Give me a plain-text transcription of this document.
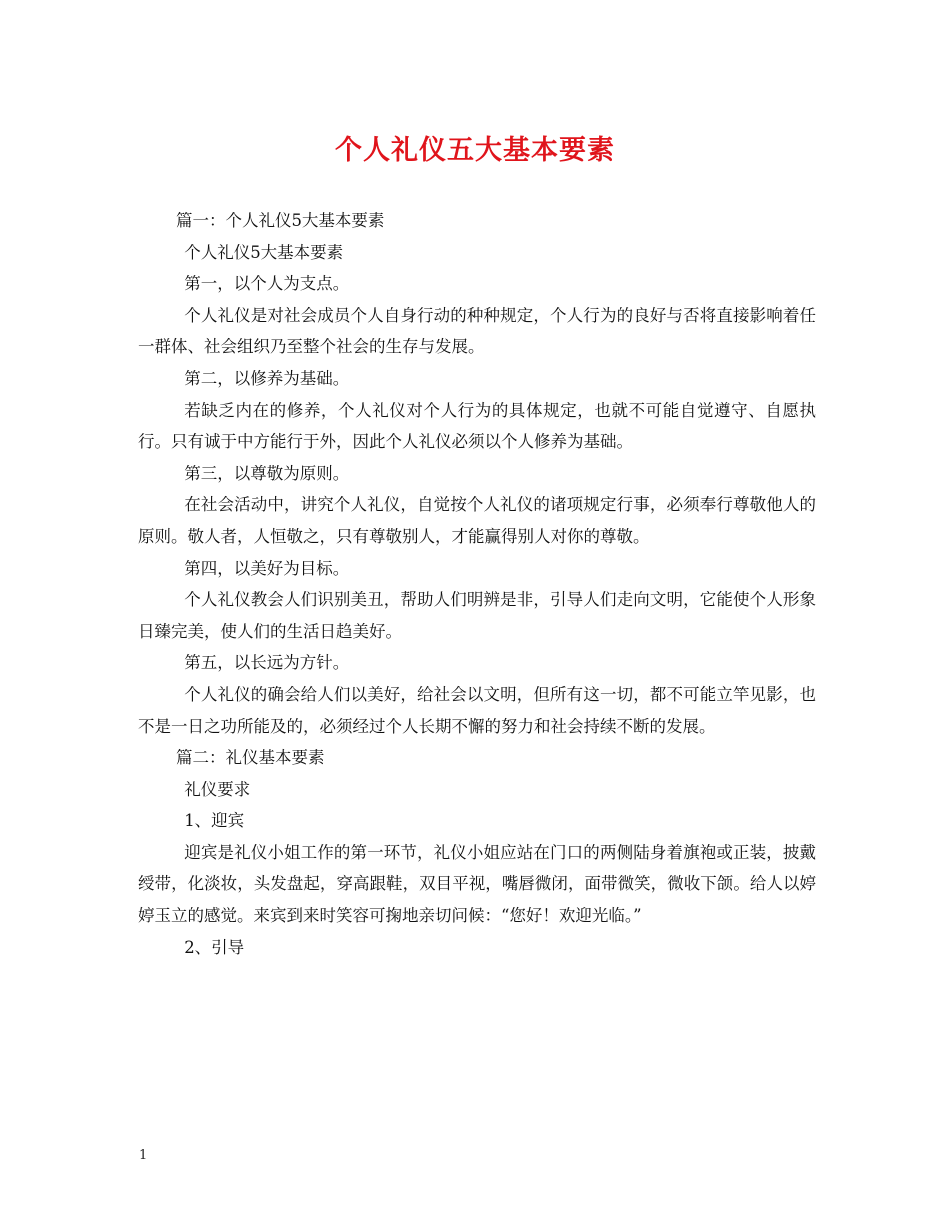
个人礼仪五大基本要素

篇一：个人礼仪5大基本要素

个人礼仪5大基本要素

第一，以个人为支点。

个人礼仪是对社会成员个人自身行动的种种规定，个人行为的良好与否将直接影响着任一群体、社会组织乃至整个社会的生存与发展。

第二，以修养为基础。

若缺乏内在的修养，个人礼仪对个人行为的具体规定，也就不可能自觉遵守、自愿执行。只有诚于中方能行于外，因此个人礼仪必须以个人修养为基础。

第三，以尊敬为原则。

在社会活动中，讲究个人礼仪，自觉按个人礼仪的诸项规定行事，必须奉行尊敬他人的原则。敬人者，人恒敬之，只有尊敬别人，才能赢得别人对你的尊敬。

第四，以美好为目标。

个人礼仪教会人们识别美丑，帮助人们明辨是非，引导人们走向文明，它能使个人形象日臻完美，使人们的生活日趋美好。

第五，以长远为方针。

个人礼仪的确会给人们以美好，给社会以文明，但所有这一切，都不可能立竿见影，也不是一日之功所能及的，必须经过个人长期不懈的努力和社会持续不断的发展。

篇二：礼仪基本要素

礼仪要求

1、迎宾

迎宾是礼仪小姐工作的第一环节，礼仪小姐应站在门口的两侧陆身着旗袍或正装，披戴绶带，化淡妆，头发盘起，穿高跟鞋，双目平视，嘴唇微闭，面带微笑，微收下颌。给人以婷婷玉立的感觉。来宾到来时笑容可掬地亲切问候：“您好！欢迎光临。”

2、引导

1
